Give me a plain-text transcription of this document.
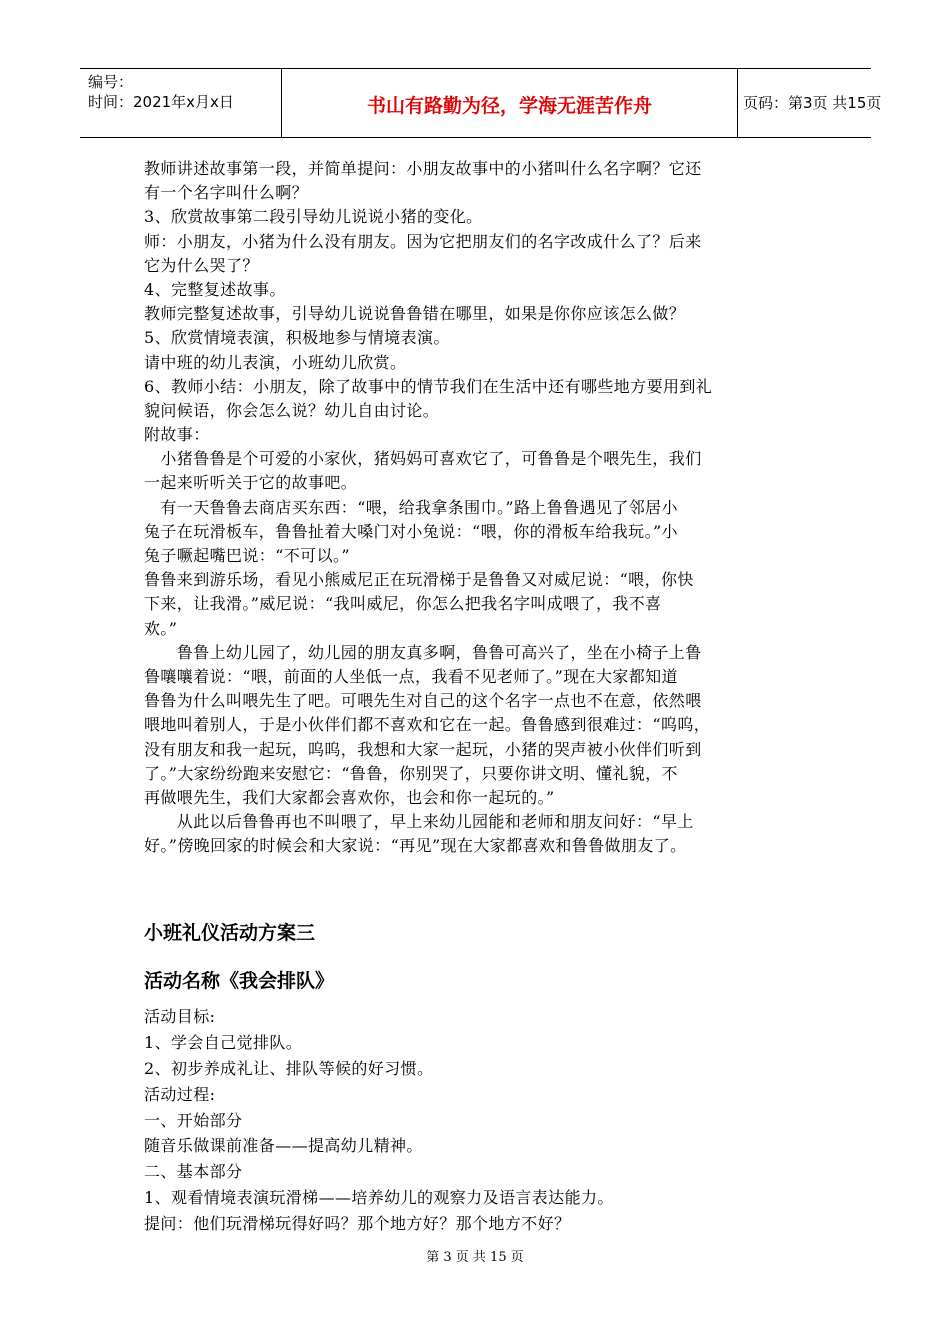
编号：
时间：2021年x月x日	书山有路勤为径，学海无涯苦作舟	页码：第3页 共15页
教师讲述故事第一段，并简单提问：小朋友故事中的小猪叫什么名字啊？它还
有一个名字叫什么啊？
3、欣赏故事第二段引导幼儿说说小猪的变化。
师：小朋友，小猪为什么没有朋友。因为它把朋友们的名字改成什么了？后来
它为什么哭了？
4、完整复述故事。
教师完整复述故事，引导幼儿说说鲁鲁错在哪里，如果是你你应该怎么做？
5、欣赏情境表演，积极地参与情境表演。
请中班的幼儿表演，小班幼儿欣赏。
6、教师小结：小朋友，除了故事中的情节我们在生活中还有哪些地方要用到礼
貌问候语，你会怎么说？幼儿自由讨论。
附故事：
　小猪鲁鲁是个可爱的小家伙，猪妈妈可喜欢它了，可鲁鲁是个喂先生，我们
一起来听听关于它的故事吧。
　有一天鲁鲁去商店买东西：“喂，给我拿条围巾。”路上鲁鲁遇见了邻居小
兔子在玩滑板车，鲁鲁扯着大嗓门对小兔说：“喂，你的滑板车给我玩。”小
兔子噘起嘴巴说：“不可以。”
鲁鲁来到游乐场，看见小熊威尼正在玩滑梯于是鲁鲁又对威尼说：“喂，你快
下来，让我滑。”威尼说：“我叫威尼，你怎么把我名字叫成喂了，我不喜
欢。”
　　鲁鲁上幼儿园了，幼儿园的朋友真多啊，鲁鲁可高兴了，坐在小椅子上鲁
鲁嚷嚷着说：“喂，前面的人坐低一点，我看不见老师了。”现在大家都知道
鲁鲁为什么叫喂先生了吧。可喂先生对自己的这个名字一点也不在意，依然喂
喂地叫着别人，于是小伙伴们都不喜欢和它在一起。鲁鲁感到很难过：“呜呜，
没有朋友和我一起玩，呜呜，我想和大家一起玩，小猪的哭声被小伙伴们听到
了。”大家纷纷跑来安慰它：“鲁鲁，你别哭了，只要你讲文明、懂礼貌，不
再做喂先生，我们大家都会喜欢你，也会和你一起玩的。”
　　从此以后鲁鲁再也不叫喂了，早上来幼儿园能和老师和朋友问好：“早上
好。”傍晚回家的时候会和大家说：“再见”现在大家都喜欢和鲁鲁做朋友了。
小班礼仪活动方案三
活动名称《我会排队》
活动目标:
1、学会自己觉排队。
2、初步养成礼让、排队等候的好习惯。
活动过程:
一、开始部分
随音乐做课前准备——提高幼儿精神。
二、基本部分
1、观看情境表演玩滑梯——培养幼儿的观察力及语言表达能力。
提问：他们玩滑梯玩得好吗？那个地方好？那个地方不好？
第 3 页 共 15 页
